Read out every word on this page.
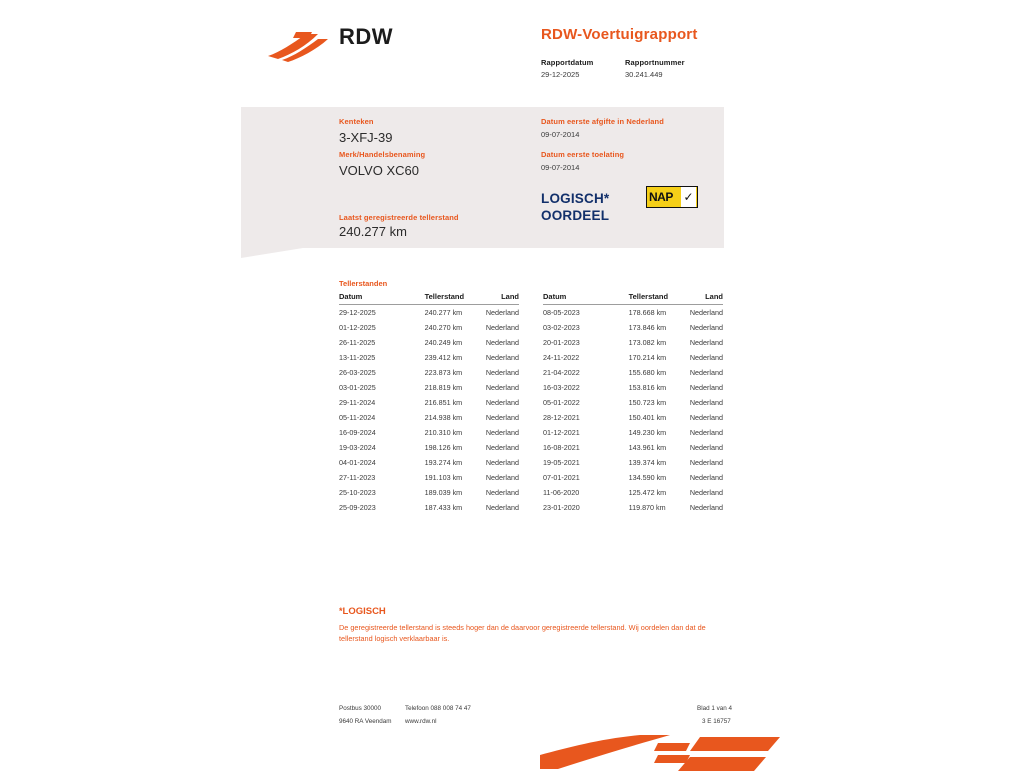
RDW	RDW-Voertuigrapport
Rapportdatum
29-12-2025
Rapportnummer
30.241.449
Kenteken
3-XFJ-39
Merk/Handelsbenaming
VOLVO XC60
Laatst geregistreerde tellerstand
240.277 km
Datum eerste afgifte in Nederland
09-07-2014
Datum eerste toelating
09-07-2014
LOGISCH*
OORDEEL
NAP ✓
Tellerstanden
Datum	Tellerstand	Land
29-12-2025	240.277 km	Nederland
01-12-2025	240.270 km	Nederland
26-11-2025	240.249 km	Nederland
13-11-2025	239.412 km	Nederland
26-03-2025	223.873 km	Nederland
03-01-2025	218.819 km	Nederland
29-11-2024	216.851 km	Nederland
05-11-2024	214.938 km	Nederland
16-09-2024	210.310 km	Nederland
19-03-2024	198.126 km	Nederland
04-01-2024	193.274 km	Nederland
27-11-2023	191.103 km	Nederland
25-10-2023	189.039 km	Nederland
25-09-2023	187.433 km	Nederland
Datum	Tellerstand	Land
08-05-2023	178.668 km	Nederland
03-02-2023	173.846 km	Nederland
20-01-2023	173.082 km	Nederland
24-11-2022	170.214 km	Nederland
21-04-2022	155.680 km	Nederland
16-03-2022	153.816 km	Nederland
05-01-2022	150.723 km	Nederland
28-12-2021	150.401 km	Nederland
01-12-2021	149.230 km	Nederland
16-08-2021	143.961 km	Nederland
19-05-2021	139.374 km	Nederland
07-01-2021	134.590 km	Nederland
11-06-2020	125.472 km	Nederland
23-01-2020	119.870 km	Nederland
*LOGISCH
De geregistreerde tellerstand is steeds hoger dan de daarvoor geregistreerde tellerstand. Wij oordelen dan dat de tellerstand logisch verklaarbaar is.
Postbus 30000
9640 RA Veendam
Telefoon 088 008 74 47
www.rdw.nl
Blad 1 van 4
3 E 16757
